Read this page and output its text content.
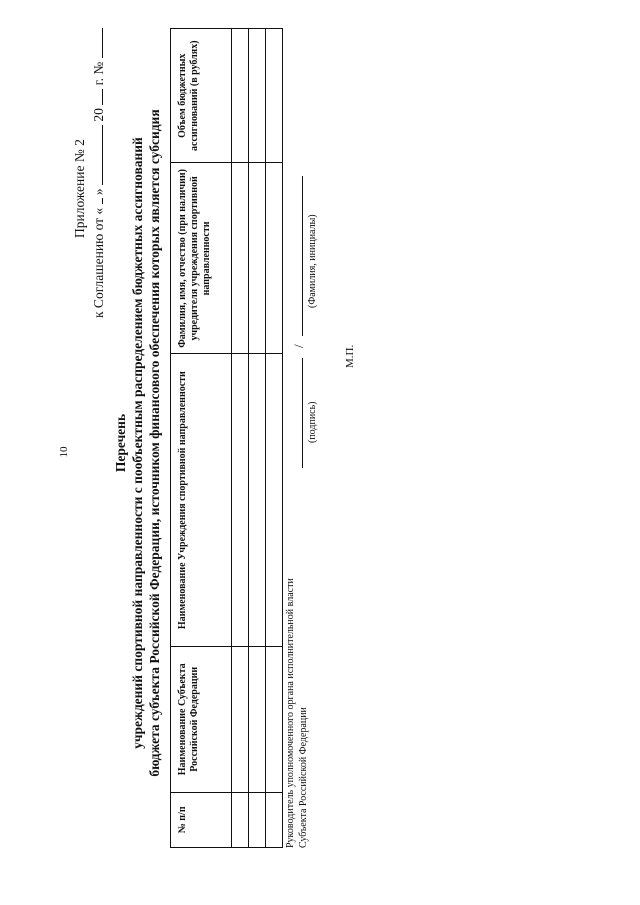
10
Приложение № 2
к Соглашению от «  »  20  г. №
Перечень учреждений спортивной направленности с пообъектным распределением бюджетных ассигнований бюджета субъекта Российской Федерации, источником финансового обеспечения которых является субсидия
№ п/п	Наименование Субъекта Российской Федерации	Наименование Учреждения спортивной направленности	Фамилия, имя, отчество (при наличии) учредителя учреждения спортивной направленности	Объем бюджетных ассигнований (в рублях)

Руководитель уполномоченного органа исполнительной власти Субъекта Российской Федерации
/
(подпись)
(Фамилия, инициалы)
М.П.
